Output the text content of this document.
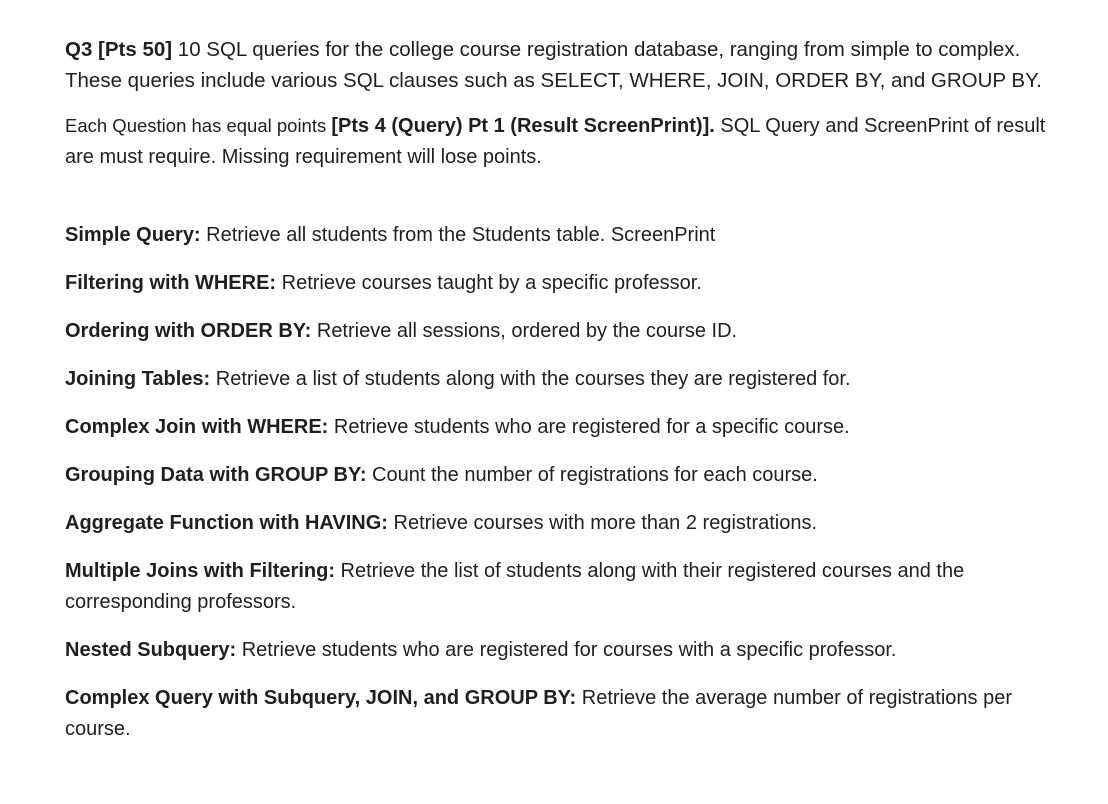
Q3 [Pts 50] 10 SQL queries for the college course registration database, ranging from simple to complex. These queries include various SQL clauses such as SELECT, WHERE, JOIN, ORDER BY, and GROUP BY.

Each Question has equal points [Pts 4 (Query) Pt 1 (Result ScreenPrint)]. SQL Query and ScreenPrint of result are must require. Missing requirement will lose points.

Simple Query: Retrieve all students from the Students table. ScreenPrint

Filtering with WHERE: Retrieve courses taught by a specific professor.

Ordering with ORDER BY: Retrieve all sessions, ordered by the course ID.

Joining Tables: Retrieve a list of students along with the courses they are registered for.

Complex Join with WHERE: Retrieve students who are registered for a specific course.

Grouping Data with GROUP BY: Count the number of registrations for each course.

Aggregate Function with HAVING: Retrieve courses with more than 2 registrations.

Multiple Joins with Filtering: Retrieve the list of students along with their registered courses and the corresponding professors.

Nested Subquery: Retrieve students who are registered for courses with a specific professor.

Complex Query with Subquery, JOIN, and GROUP BY: Retrieve the average number of registrations per course.
